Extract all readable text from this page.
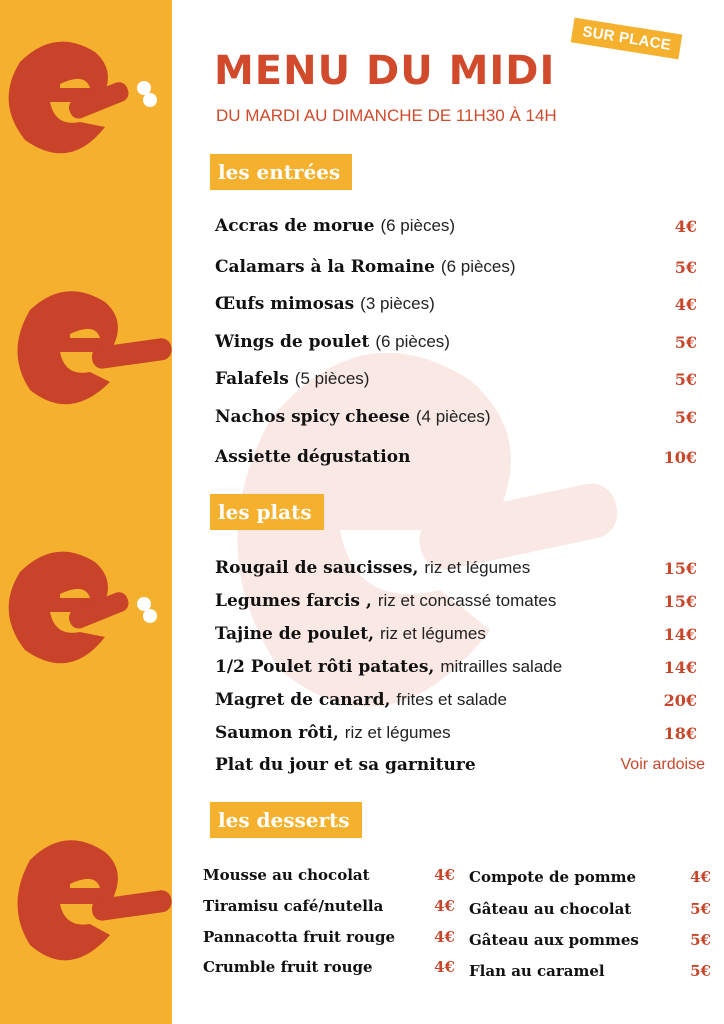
SUR PLACE
MENU DU MIDI
DU MARDI AU DIMANCHE DE 11H30 À 14H
les entrées
Accras de morue (6 pièces)	4€
Calamars à la Romaine (6 pièces)	5€
Œufs mimosas (3 pièces)	4€
Wings de poulet (6 pièces)	5€
Falafels (5 pièces)	5€
Nachos spicy cheese (4 pièces)	5€
Assiette dégustation	10€
les plats
Rougail de saucisses, riz et légumes	15€
Legumes farcis , riz et concassé tomates	15€
Tajine de poulet, riz et légumes	14€
1/2 Poulet rôti patates, mitrailles salade	14€
Magret de canard, frites et salade	20€
Saumon rôti, riz et légumes	18€
Plat du jour et sa garniture	Voir ardoise
les desserts
Mousse au chocolat	4€
Tiramisu café/nutella	4€
Pannacotta fruit rouge	4€
Crumble fruit rouge	4€
Compote de pomme	4€
Gâteau au chocolat	5€
Gâteau aux pommes	5€
Flan au caramel	5€
